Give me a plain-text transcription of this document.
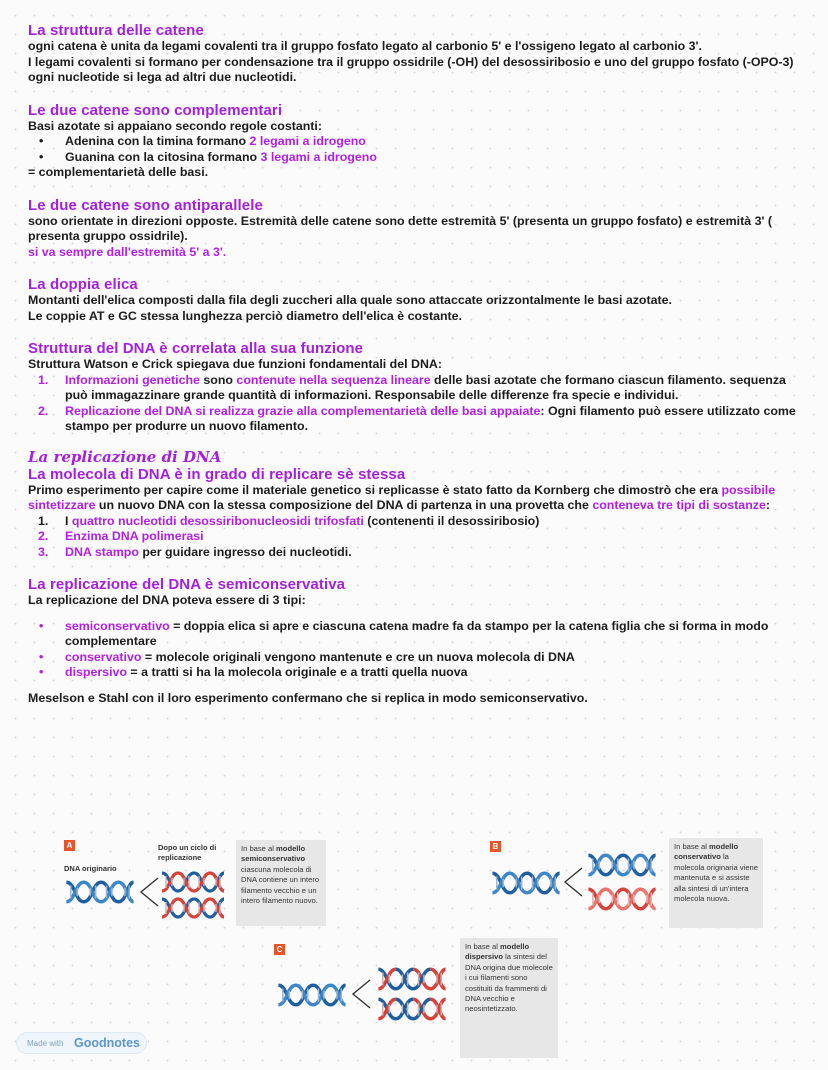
La struttura delle catene
ogni catena è unita da legami covalenti tra il gruppo fosfato legato al carbonio 5' e l'ossigeno legato al carbonio 3'.
I legami covalenti si formano per condensazione tra il gruppo ossidrile (-OH) del desossiribosio e uno del gruppo fosfato (-OPO-3) ogni nucleotide si lega ad altri due nucleotidi.
Le due catene sono complementari
Basi azotate si appaiano secondo regole costanti:
• Adenina con la timina formano 2 legami a idrogeno
• Guanina con la citosina formano 3 legami a idrogeno
= complementarietà delle basi.
Le due catene sono antiparallele
sono orientate in direzioni opposte. Estremità delle catene sono dette estremità 5' (presenta un gruppo fosfato) e estremità 3' ( presenta gruppo ossidrile).
si va sempre dall'estremità 5' a 3'.
La doppia elica
Montanti dell'elica composti dalla fila degli zuccheri alla quale sono attaccate orizzontalmente le basi azotate.
Le coppie AT e GC stessa lunghezza perciò diametro dell'elica è costante.
Struttura del DNA è correlata alla sua funzione
Struttura Watson e Crick spiegava due funzioni fondamentali del DNA:
1. Informazioni genetiche sono contenute nella sequenza lineare delle basi azotate che formano ciascun filamento. sequenza può immagazzinare grande quantità di informazioni. Responsabile delle differenze fra specie e individui.
2. Replicazione del DNA si realizza grazie alla complementarietà delle basi appaiate: Ogni filamento può essere utilizzato come stampo per produrre un nuovo filamento.
La replicazione di DNA
La molecola di DNA è in grado di replicare sè stessa
Primo esperimento per capire come il materiale genetico si replicasse è stato fatto da Kornberg che dimostrò che era possibile sintetizzare un nuovo DNA con la stessa composizione del DNA di partenza in una provetta che conteneva tre tipi di sostanze:
1. I quattro nucleotidi desossiribonucleosidi trifosfati (contenenti il desossiribosio)
2. Enzima DNA polimerasi
3. DNA stampo per guidare ingresso dei nucleotidi.
La replicazione del DNA è semiconservativa
La replicazione del DNA poteva essere di 3 tipi:
• semiconservativo = doppia elica si apre e ciascuna catena madre fa da stampo per la catena figlia che si forma in modo complementare
• conservativo = molecole originali vengono mantenute e cre un nuova molecola di DNA
• dispersivo = a tratti si ha la molecola originale e a tratti quella nuova
Meselson e Stahl con il loro esperimento confermano che si replica in modo semiconservativo.
A
DNA originario
Dopo un ciclo di replicazione
In base al modello semiconservativo ciascuna molecola di DNA contiene un intero filamento vecchio e un intero filamento nuovo.
B	In base al modello conservativo la molecola originaria viene mantenuta e si assiste alla sintesi di un'intera molecola nuova.
C	In base al modello dispersivo la sintesi del DNA origina due molecole i cui filamenti sono costituiti da frammenti di DNA vecchio e neosintetizzato.
Made with Goodnotes
